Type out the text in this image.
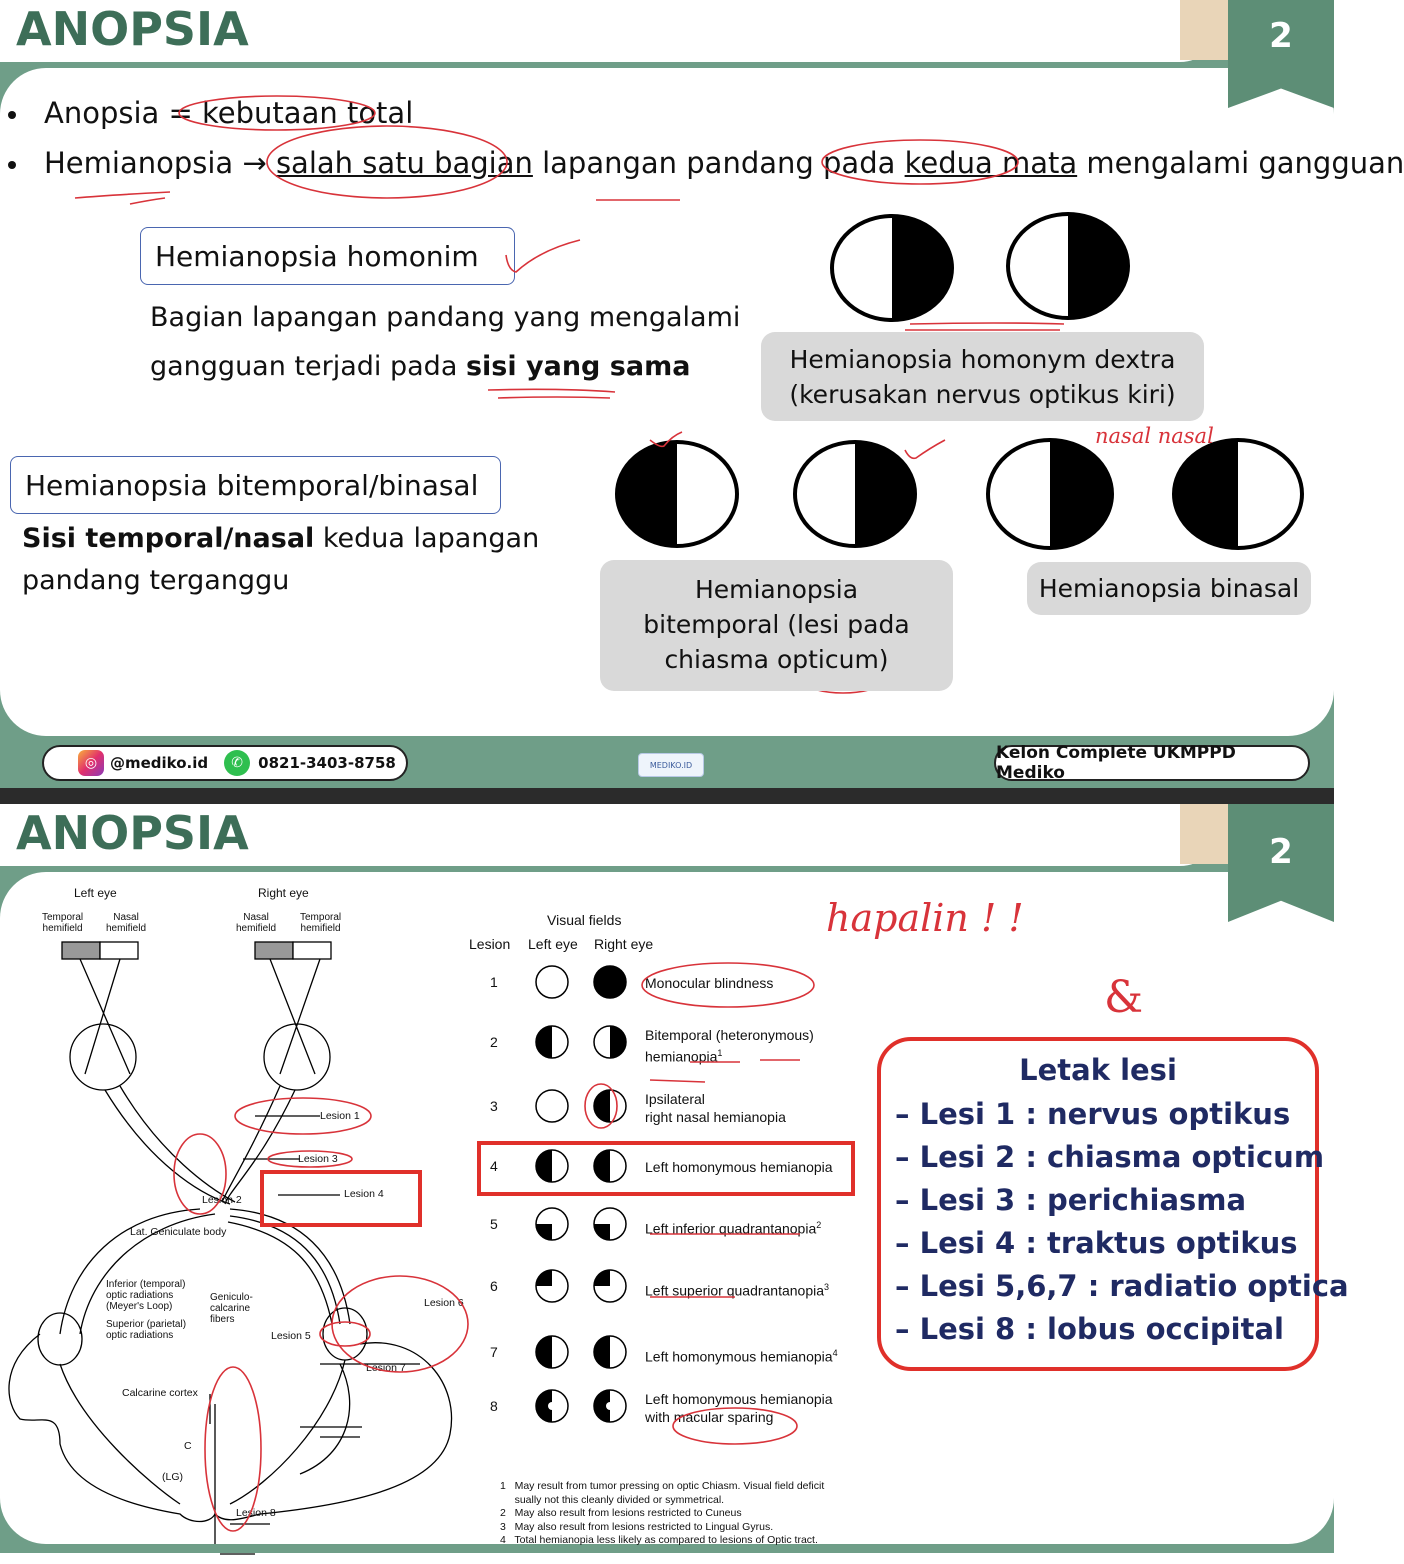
2
ANOPSIA
Anopsia = kebutaan total
Hemianopsia → salah satu bagian lapangan pandang pada kedua mata mengalami gangguan
Hemianopsia homonim
Bagian lapangan pandang yang mengalami
gangguan terjadi pada sisi yang sama
nasal nasal
Hemianopsia homonym dextra
(kerusakan nervus optikus kiri)
Hemianopsia bitemporal/binasal
Sisi temporal/nasal kedua lapangan
pandang terganggu	Hemianopsia
bitemporal (lesi pada
chiasma opticum)
Hemianopsia binasal
◎ @mediko.id	✆	0821-3403-8758	MEDIKO.ID
Kelon Complete UKMPPD Mediko
2
ANOPSIA
Left eye	Right eye
Temporal
hemifield
Nasal
hemifield
Nasal
hemifield
Temporal
hemifield
Lesion 1
Lesion 2
Lesion 3
Lesion 4
Lesion 5
Lesion 6
Lesion 7
Lesion 8
Lat. Geniculate body
Inferior (temporal)
optic radiations
(Meyer's Loop)
Superior (parietal)
optic radiations
Geniculo-
calcarine
fibers
Calcarine cortex
C
(LG)
Visual fields
Lesion Left eye Right eye
1	Monocular blindness
2	Bitemporal (heteronymous)
hemianopia$^1$
3	Ipsilateral
right nasal hemianopia
4	Left homonymous hemianopia
5	Left inferior quadrantanopia$^2$
6	Left superior quadrantanopia$^3$
7	Left homonymous hemianopia$^4$
8	Left homonymous hemianopia
with macular sparing
1   May result from tumor pressing on optic Chiasm. Visual field deficit
sually not this cleanly divided or symmetrical.
2   May also result from lesions restricted to Cuneus
3   May also result from lesions restricted to Lingual Gyrus.
4   Total hemianopia less likely as compared to lesions of Optic tract.
hapalin ! !
&
Letak lesi
– Lesi 1 : nervus optikus
– Lesi 2 : chiasma opticum
– Lesi 3 : perichiasma
– Lesi 4 : traktus optikus
– Lesi 5,6,7 : radiatio optica
– Lesi 8 : lobus occipital
